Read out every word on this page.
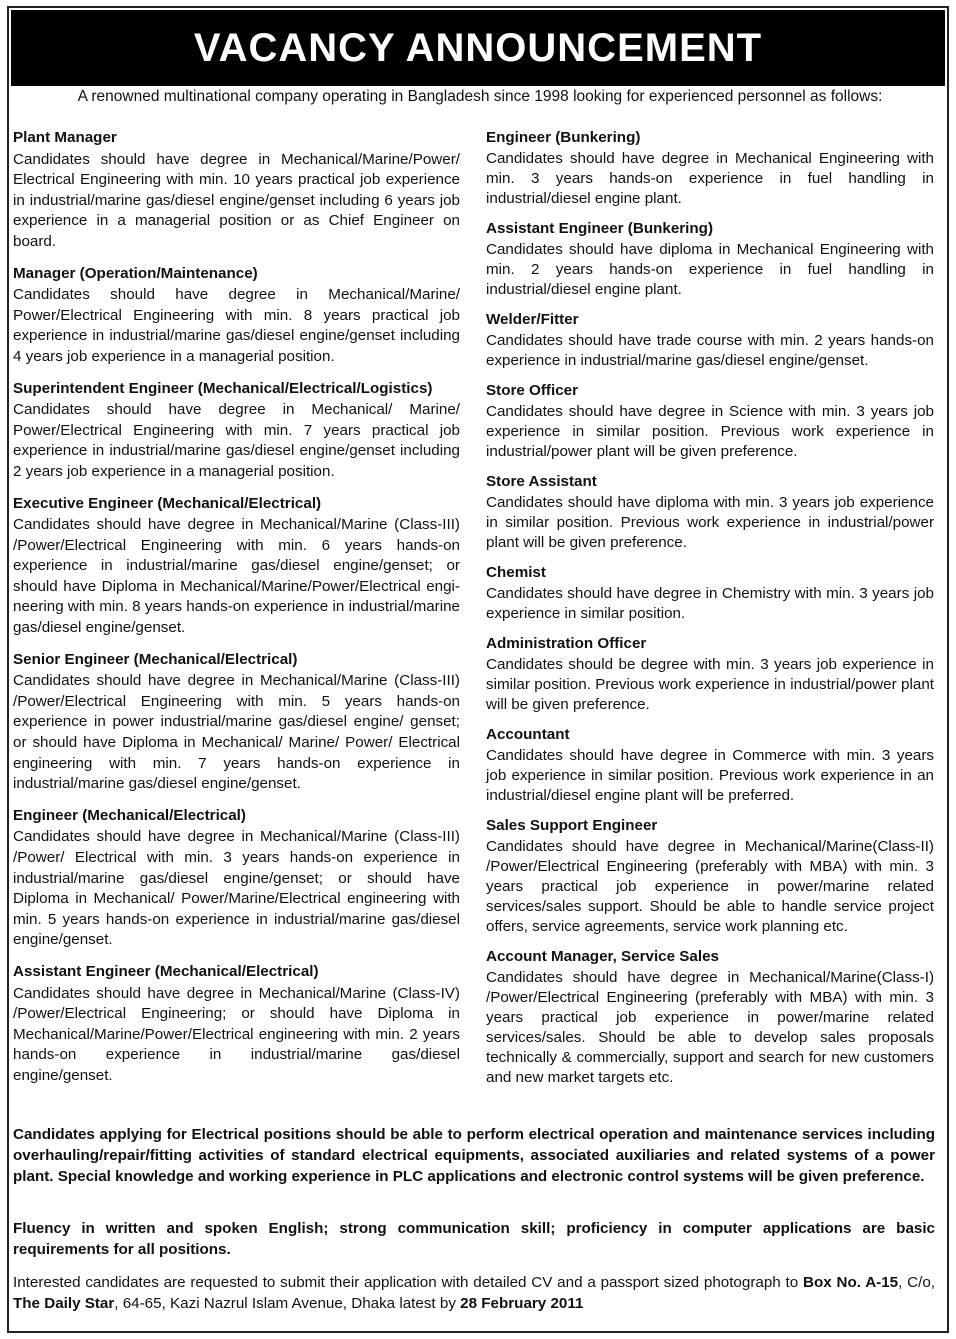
VACANCY ANNOUNCEMENT
A renowned multinational company operating in Bangladesh since 1998 looking for experienced personnel as follows:
Plant Manager
Candidates should have degree in Mechanical/Marine/Power/ Electrical Engineering with min. 10 years practical job experience in industrial/marine gas/diesel engine/genset including 6 years job experience in a managerial position or as Chief Engineer on board.
Manager (Operation/Maintenance)
Candidates should have degree in Mechanical/Marine/ Power/Electrical Engineering with min. 8 years practical job experience in industrial/marine gas/diesel engine/genset including 4 years job experience in a managerial position.
Superintendent Engineer (Mechanical/Electrical/Logistics)
Candidates should have degree in Mechanical/ Marine/ Power/Electrical Engineering with min. 7 years practical job experience in industrial/marine gas/diesel engine/genset including 2 years job experience in a managerial position.
Executive Engineer (Mechanical/Electrical)
Candidates should have degree in Mechanical/Marine (Class-III) /Power/Electrical Engineering with min. 6 years hands-on experience in industrial/marine gas/diesel engine/genset; or should have Diploma in Mechanical/Marine/Power/Electrical engi-neering with min. 8 years hands-on experience in industrial/marine gas/diesel engine/genset.
Senior Engineer (Mechanical/Electrical)
Candidates should have degree in Mechanical/Marine (Class-III) /Power/Electrical Engineering with min. 5 years hands-on experience in power industrial/marine gas/diesel engine/ genset; or should have Diploma in Mechanical/ Marine/ Power/ Electrical engineering with min. 7 years hands-on experience in industrial/marine gas/diesel engine/genset.
Engineer (Mechanical/Electrical)
Candidates should have degree in Mechanical/Marine (Class-III) /Power/ Electrical with min. 3 years hands-on experience in industrial/marine gas/diesel engine/genset; or should have Diploma in Mechanical/ Power/Marine/Electrical engineering with min. 5 years hands-on experience in industrial/marine gas/diesel engine/genset.
Assistant Engineer (Mechanical/Electrical)
Candidates should have degree in Mechanical/Marine (Class-IV) /Power/Electrical Engineering; or should have Diploma in Mechanical/Marine/Power/Electrical engineering with min. 2 years hands-on experience in industrial/marine gas/diesel engine/genset.
Engineer (Bunkering)
Candidates should have degree in Mechanical Engineering with min. 3 years hands-on experience in fuel handling in industrial/diesel engine plant.
Assistant Engineer (Bunkering)
Candidates should have diploma in Mechanical Engineering with min. 2 years hands-on experience in fuel handling in industrial/diesel engine plant.
Welder/Fitter
Candidates should have trade course with min. 2 years hands-on experience in industrial/marine gas/diesel engine/genset.
Store Officer
Candidates should have degree in Science with min. 3 years job experience in similar position. Previous work experience in industrial/power plant will be given preference.
Store Assistant
Candidates should have diploma with min. 3 years job experience in similar position. Previous work experience in industrial/power plant will be given preference.
Chemist
Candidates should have degree in Chemistry with min. 3 years job experience in similar position.
Administration Officer
Candidates should be degree with min. 3 years job experience in similar position. Previous work experience in industrial/power plant will be given preference.
Accountant
Candidates should have degree in Commerce with min. 3 years job experience in similar position. Previous work experience in an industrial/diesel engine plant will be preferred.
Sales Support Engineer
Candidates should have degree in Mechanical/Marine(Class-II) /Power/Electrical Engineering (preferably with MBA) with min. 3 years practical job experience in power/marine related services/sales support. Should be able to handle service project offers, service agreements, service work planning etc.
Account Manager, Service Sales
Candidates should have degree in Mechanical/Marine(Class-I) /Power/Electrical Engineering (preferably with MBA) with min. 3 years practical job experience in power/marine related services/sales. Should be able to develop sales proposals technically & commercially, support and search for new customers and new market targets etc.
Candidates applying for Electrical positions should be able to perform electrical operation and maintenance services including overhauling/repair/fitting activities of standard electrical equipments, associated auxiliaries and related systems of a power plant. Special knowledge and working experience in PLC applications and electronic control systems will be given preference.
Fluency in written and spoken English; strong communication skill; proficiency in computer applications are basic requirements for all positions.
Interested candidates are requested to submit their application with detailed CV and a passport sized photograph to Box No. A-15, C/o, The Daily Star, 64-65, Kazi Nazrul Islam Avenue, Dhaka latest by 28 February 2011
